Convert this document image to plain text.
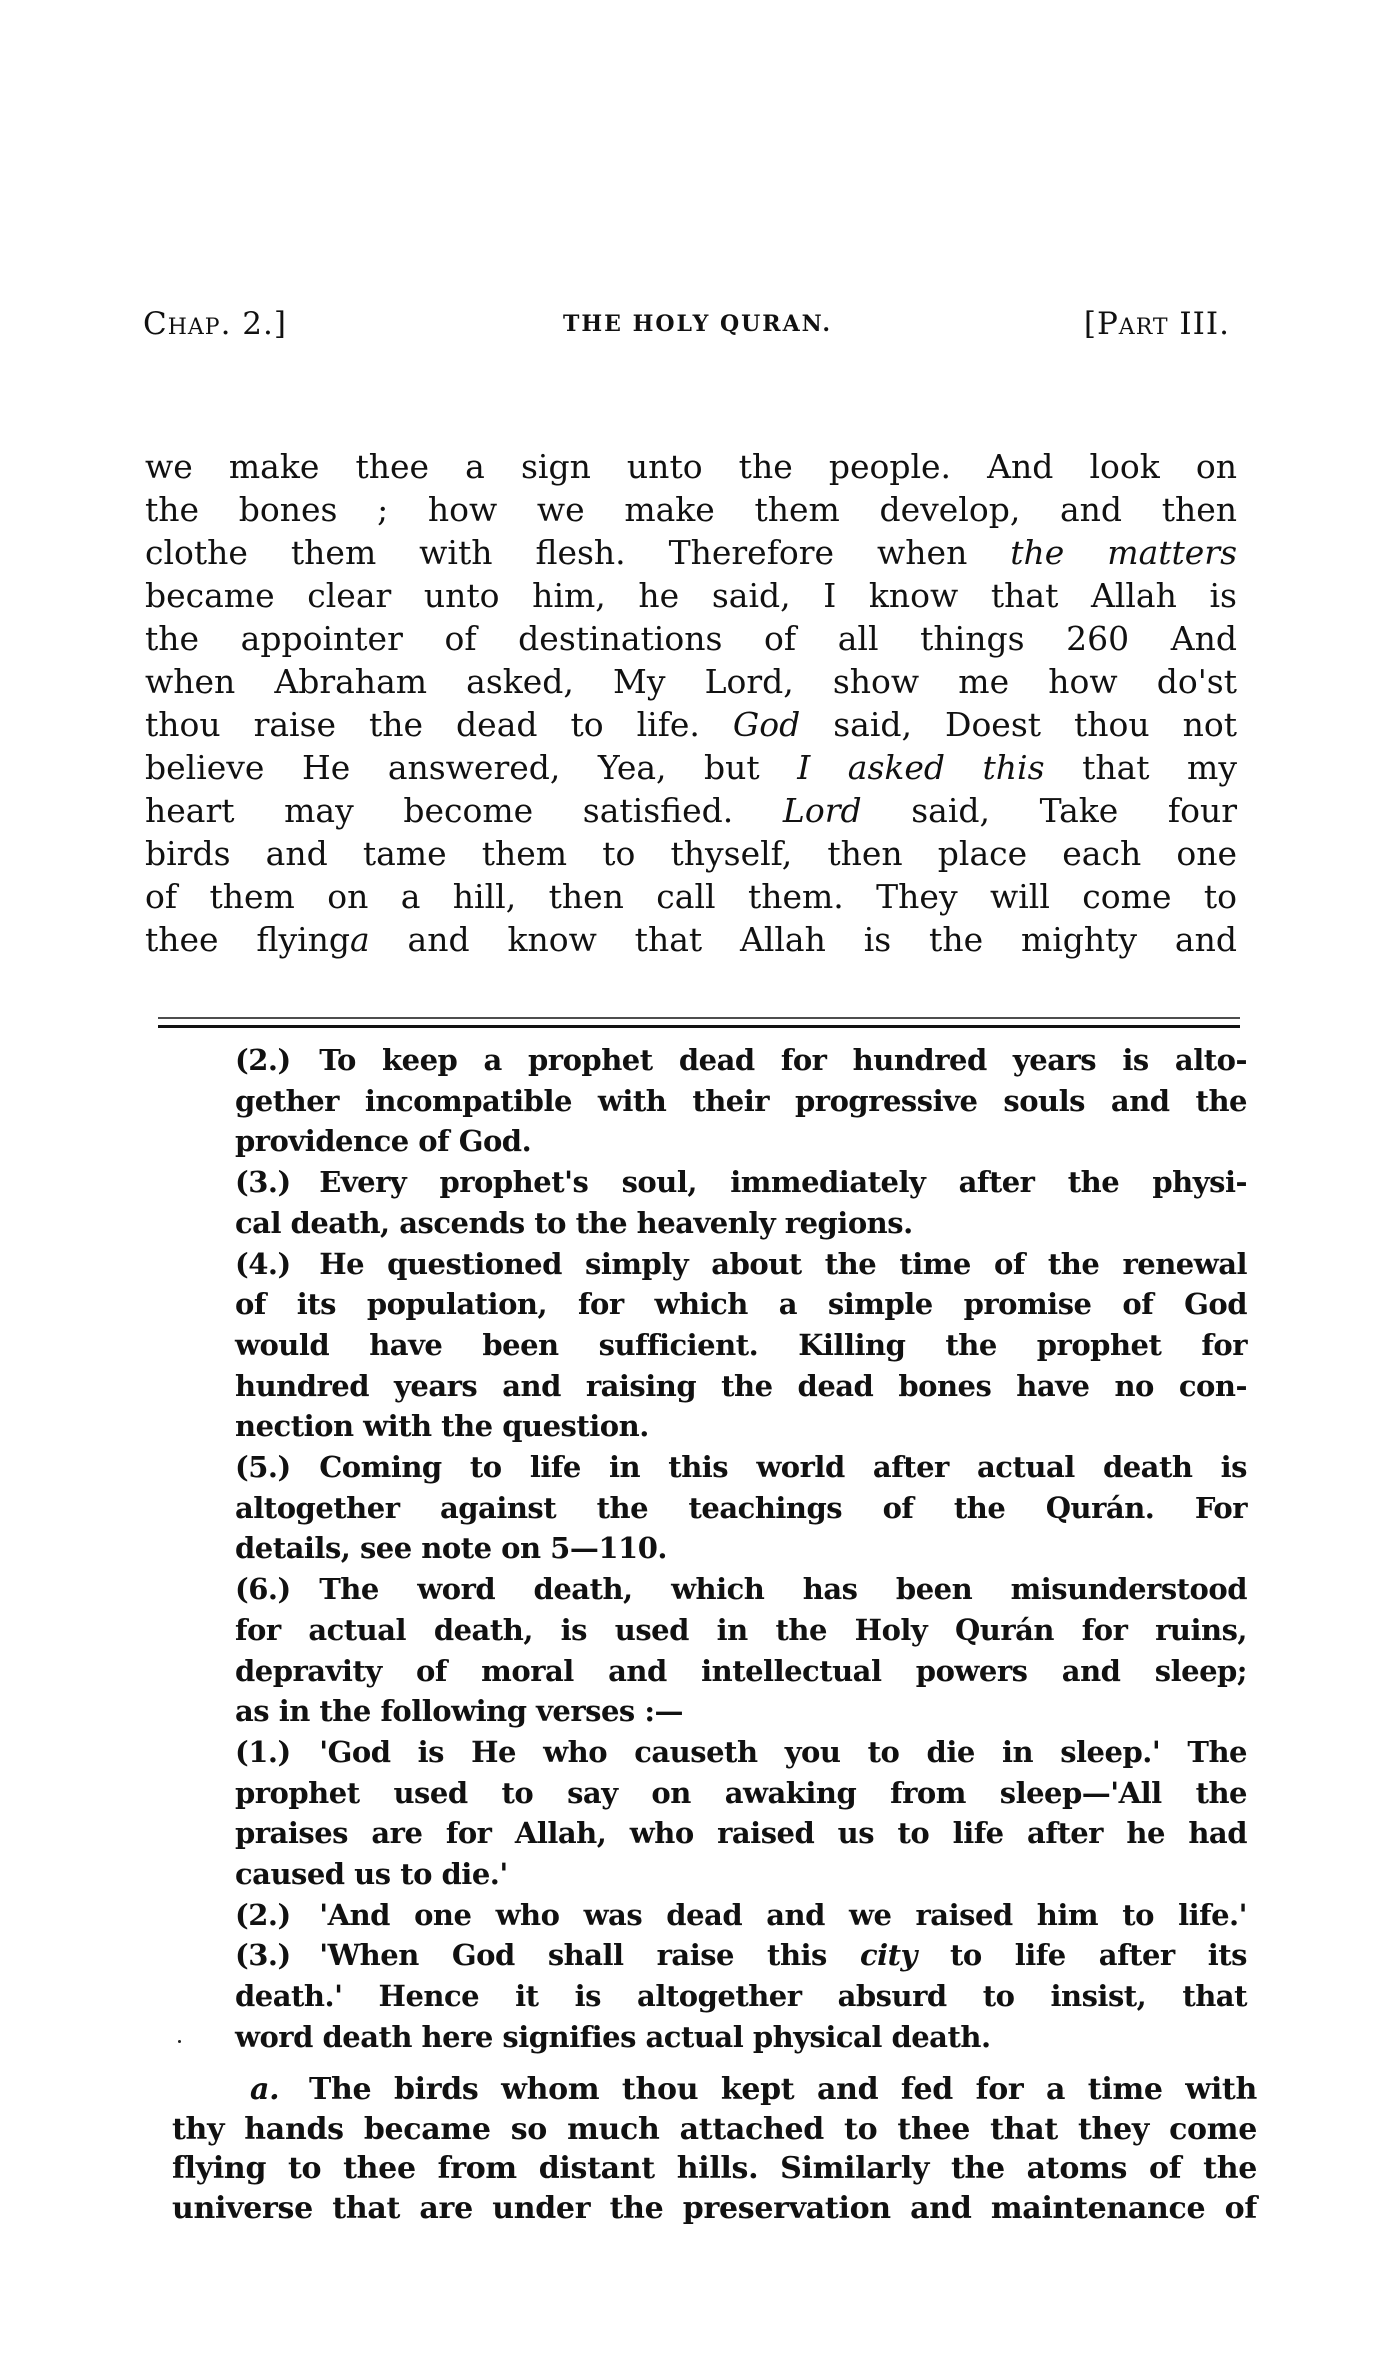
Chap. 2.]	THE HOLY QURAN.	[Part III.
we make thee a sign unto the people. And look on
the bones ; how we make them develop, and then
clothe them with flesh. Therefore when the matters
became clear unto him, he said, I know that Allah is
the appointer of destinations of all things 260 And
when Abraham asked, My Lord, show me how do'st
thou raise the dead to life. God said, Doest thou not
believe He answered, Yea, but I asked this that my
heart may become satisfied. Lord said, Take four
birds and tame them to thyself, then place each one
of them on a hill, then call them. They will come to
thee flyinga and know that Allah is the mighty and
(2.) To keep a prophet dead for hundred years is alto-
gether incompatible with their progressive souls and the
providence of God.
(3.) Every prophet's soul, immediately after the physi-
cal death, ascends to the heavenly regions.
(4.) He questioned simply about the time of the renewal
of its population, for which a simple promise of God
would have been sufficient. Killing the prophet for
hundred years and raising the dead bones have no con-
nection with the question.
(5.) Coming to life in this world after actual death is
altogether against the teachings of the Qurán. For
details, see note on 5—110.
(6.) The word death, which has been misunderstood
for actual death, is used in the Holy Qurán for ruins,
depravity of moral and intellectual powers and sleep;
as in the following verses :—
(1.) 'God is He who causeth you to die in sleep.' The
prophet used to say on awaking from sleep—'All the
praises are for Allah, who raised us to life after he had
caused us to die.'
(2.) 'And one who was dead and we raised him to life.'
(3.) 'When God shall raise this city to life after its
death.' Hence it is altogether absurd to insist, that
word death here signifies actual physical death.
a. The birds whom thou kept and fed for a time with
thy hands became so much attached to thee that they come
flying to thee from distant hills. Similarly the atoms of the
universe that are under the preservation and maintenance of
